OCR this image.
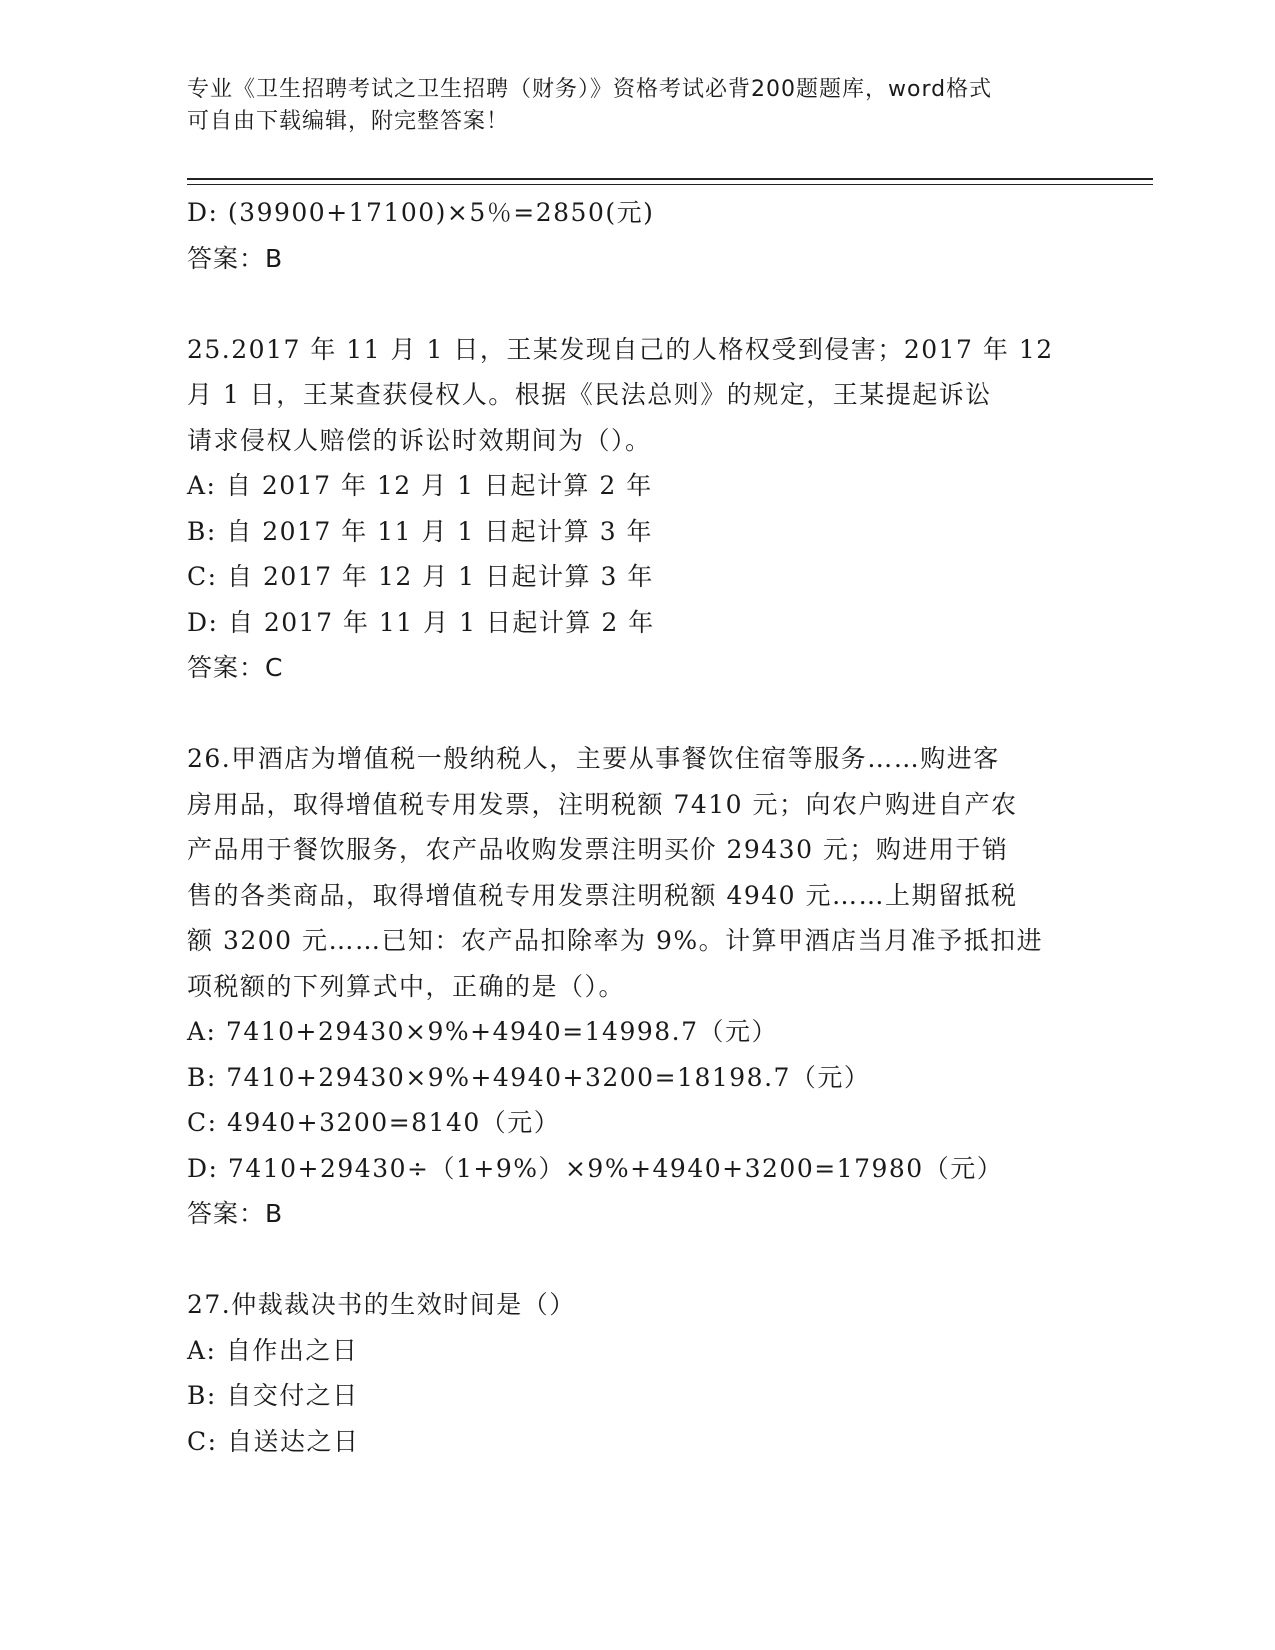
专业《卫生招聘考试之卫生招聘（财务）》资格考试必背200题题库，word格式
可自由下载编辑，附完整答案！
D: (39900+17100)×5％=2850(元)
答案：B
25.2017 年 11 月 1 日，王某发现自己的人格权受到侵害；2017 年 12
月 1 日，王某查获侵权人。根据《民法总则》的规定，王某提起诉讼
请求侵权人赔偿的诉讼时效期间为（）。
A: 自 2017 年 12 月 1 日起计算 2 年
B: 自 2017 年 11 月 1 日起计算 3 年
C: 自 2017 年 12 月 1 日起计算 3 年
D: 自 2017 年 11 月 1 日起计算 2 年
答案：C
26.甲酒店为增值税一般纳税人，主要从事餐饮住宿等服务……购进客
房用品，取得增值税专用发票，注明税额 7410 元；向农户购进自产农
产品用于餐饮服务，农产品收购发票注明买价 29430 元；购进用于销
售的各类商品，取得增值税专用发票注明税额 4940 元……上期留抵税
额 3200 元……已知：农产品扣除率为 9%。计算甲酒店当月准予抵扣进
项税额的下列算式中，正确的是（）。
A: 7410+29430×9%+4940=14998.7（元）
B: 7410+29430×9%+4940+3200=18198.7（元）
C: 4940+3200=8140（元）
D: 7410+29430÷（1+9%）×9%+4940+3200=17980（元）
答案：B
27.仲裁裁决书的生效时间是（）
A: 自作出之日
B: 自交付之日
C: 自送达之日
